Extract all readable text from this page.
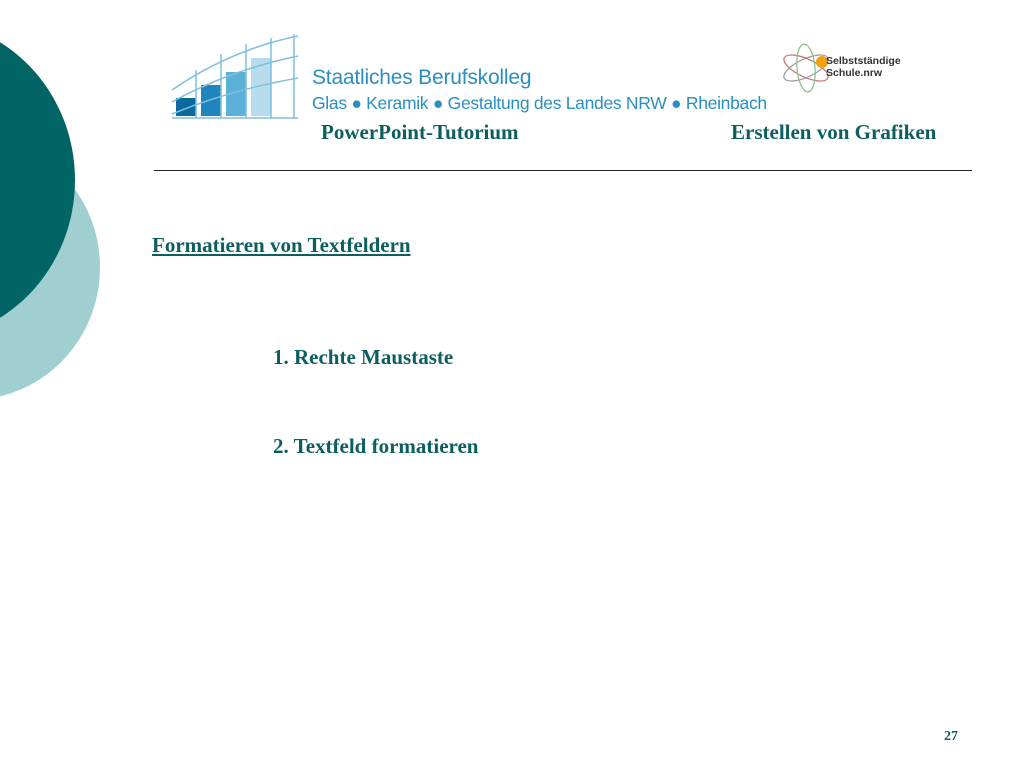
Staatliches Berufskolleg
Glas ● Keramik ● Gestaltung des Landes NRW ● Rheinbach
Selbstständige
Schule.nrw
PowerPoint-Tutorium	Erstellen von Grafiken
Formatieren von Textfeldern
1. Rechte Maustaste
2. Textfeld formatieren
27
